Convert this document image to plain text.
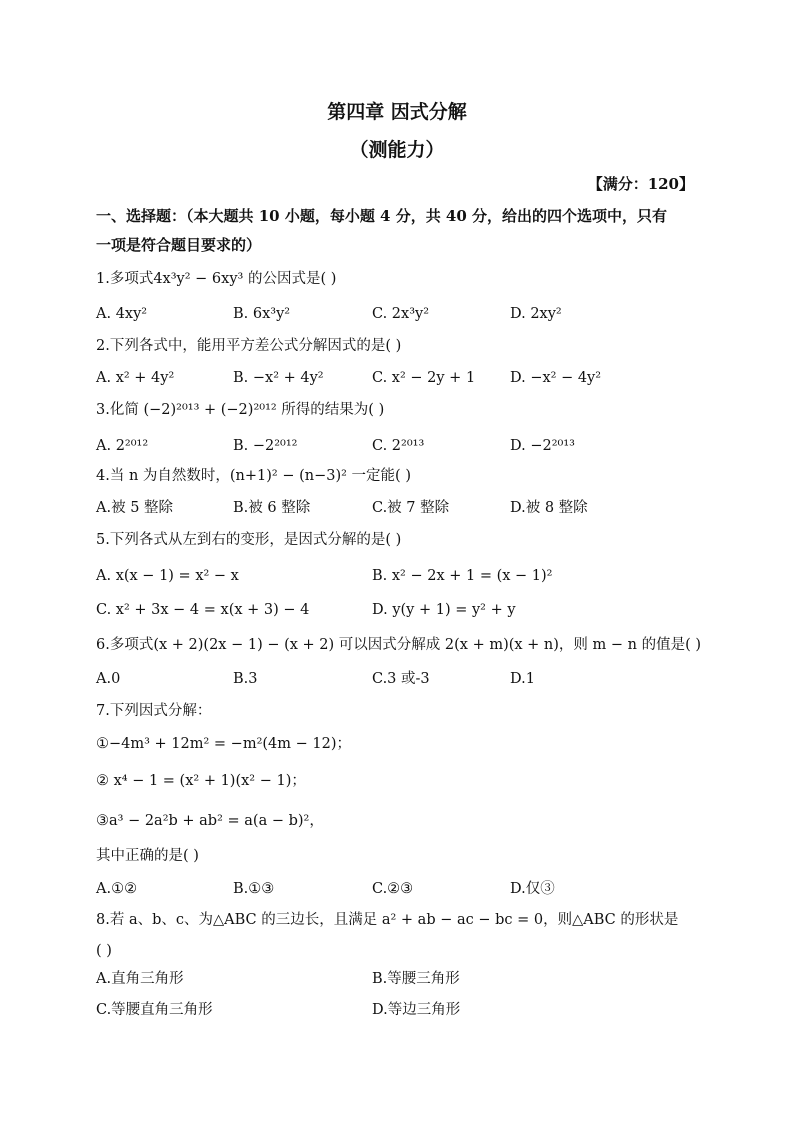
第四章 因式分解
（测能力）
【满分：120】
一、选择题：（本大题共 10 小题，每小题 4 分，共 40 分，给出的四个选项中，只有
一项是符合题目要求的）
1.多项式4x³y² − 6xy³ 的公因式是( )
A. 4xy²	B. 6x³y²	C. 2x³y²	D. 2xy²
2.下列各式中，能用平方差公式分解因式的是( )
A. x² + 4y²	B. −x² + 4y²	C. x² − 2y + 1 D. −x² − 4y²
3.化简 (−2)²⁰¹³ + (−2)²⁰¹² 所得的结果为( )
A. 2²⁰¹²	B. −2²⁰¹²	C. 2²⁰¹³	D. −2²⁰¹³
4.当 n 为自然数时，(n+1)² − (n−3)² 一定能( )
A.被 5 整除	B.被 6 整除	C.被 7 整除	D.被 8 整除
5.下列各式从左到右的变形，是因式分解的是( )
A. x(x − 1) = x² − x	B. x² − 2x + 1 = (x − 1)²
C. x² + 3x − 4 = x(x + 3) − 4	D. y(y + 1) = y² + y
6.多项式(x + 2)(2x − 1) − (x + 2) 可以因式分解成 2(x + m)(x + n)，则 m − n 的值是( )
A.0	B.3	C.3 或-3	D.1
7.下列因式分解：
①−4m³ + 12m² = −m²(4m − 12)；
② x⁴ − 1 = (x² + 1)(x² − 1)；
③a³ − 2a²b + ab² = a(a − b)²，
其中正确的是( )
A.①②	B.①③	C.②③	D.仅③
8.若 a、b、c、为△ABC 的三边长，且满足 a² + ab − ac − bc = 0，则△ABC 的形状是
( )
A.直角三角形	B.等腰三角形
C.等腰直角三角形	D.等边三角形
